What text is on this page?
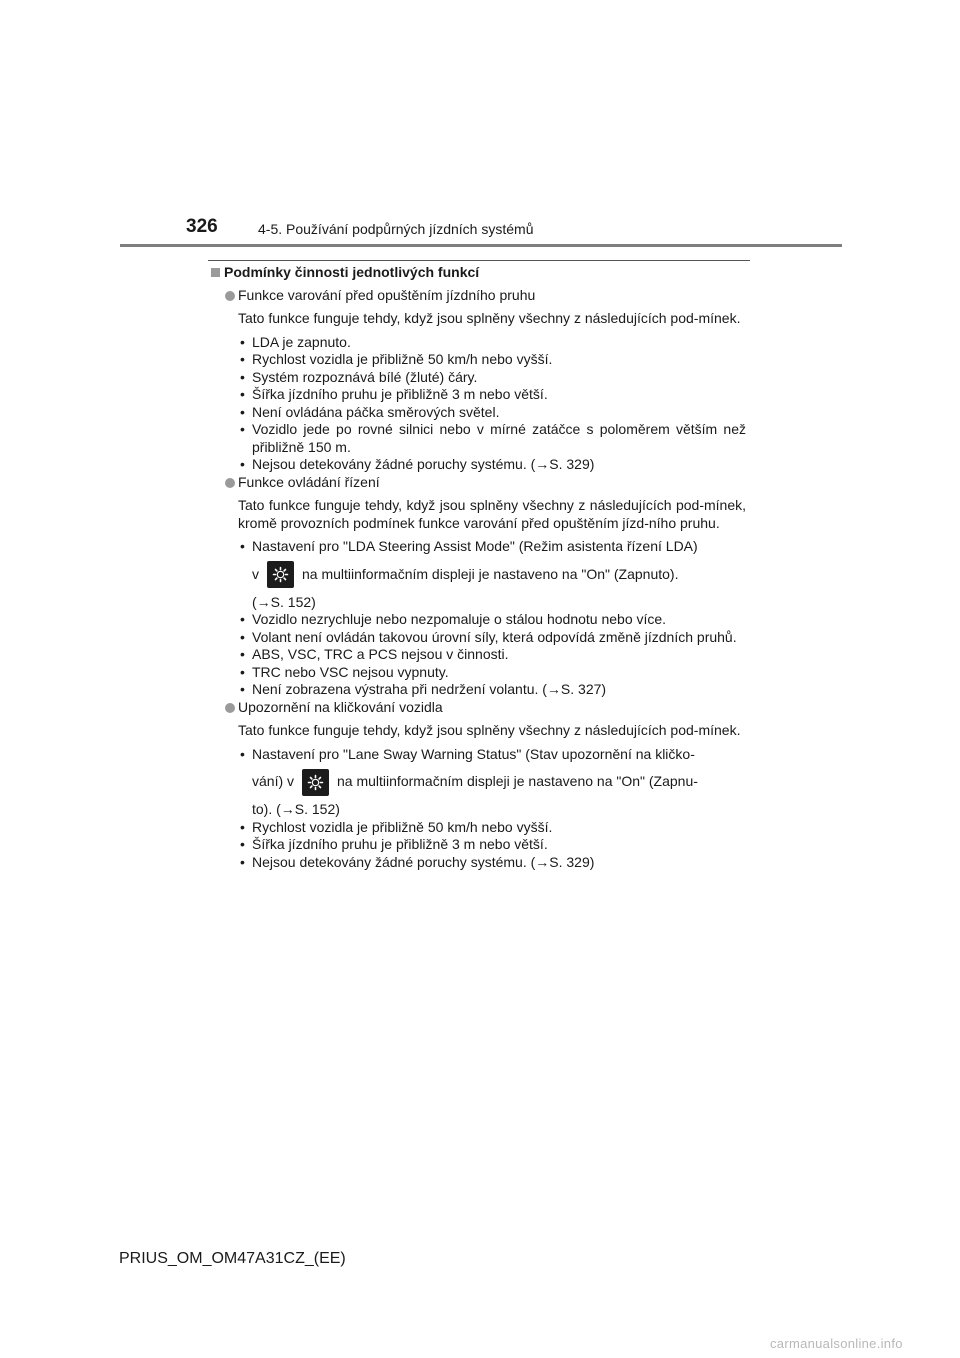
326	4-5. Používání podpůrných jízdních systémů
Podmínky činnosti jednotlivých funkcí
Funkce varování před opuštěním jízdního pruhu
Tato funkce funguje tehdy, když jsou splněny všechny z následujících pod-mínek.
• LDA je zapnuto.
• Rychlost vozidla je přibližně 50 km/h nebo vyšší.
• Systém rozpoznává bílé (žluté) čáry.
• Šířka jízdního pruhu je přibližně 3 m nebo větší.
• Není ovládána páčka směrových světel.
• Vozidlo jede po rovné silnici nebo v mírné zatáčce s poloměrem větším než přibližně 150 m.
• Nejsou detekovány žádné poruchy systému. (→S. 329)
Funkce ovládání řízení
Tato funkce funguje tehdy, když jsou splněny všechny z následujících pod-mínek, kromě provozních podmínek funkce varování před opuštěním jízd-ního pruhu.
• Nastavení pro "LDA Steering Assist Mode" (Režim asistenta řízení LDA)
v	na multiinformačním displeji je nastaveno na "On" (Zapnuto).
(→S. 152)
• Vozidlo nezrychluje nebo nezpomaluje o stálou hodnotu nebo více.
• Volant není ovládán takovou úrovní síly, která odpovídá změně jízdních pruhů.
• ABS, VSC, TRC a PCS nejsou v činnosti.
• TRC nebo VSC nejsou vypnuty.
• Není zobrazena výstraha při nedržení volantu. (→S. 327)
Upozornění na kličkování vozidla
Tato funkce funguje tehdy, když jsou splněny všechny z následujících pod-mínek.
• Nastavení pro "Lane Sway Warning Status" (Stav upozornění na kličko-
vání) v	na multiinformačním displeji je nastaveno na "On" (Zapnu-
to). (→S. 152)
• Rychlost vozidla je přibližně 50 km/h nebo vyšší.
• Šířka jízdního pruhu je přibližně 3 m nebo větší.
• Nejsou detekovány žádné poruchy systému. (→S. 329)
PRIUS_OM_OM47A31CZ_(EE)
carmanualsonline.info
